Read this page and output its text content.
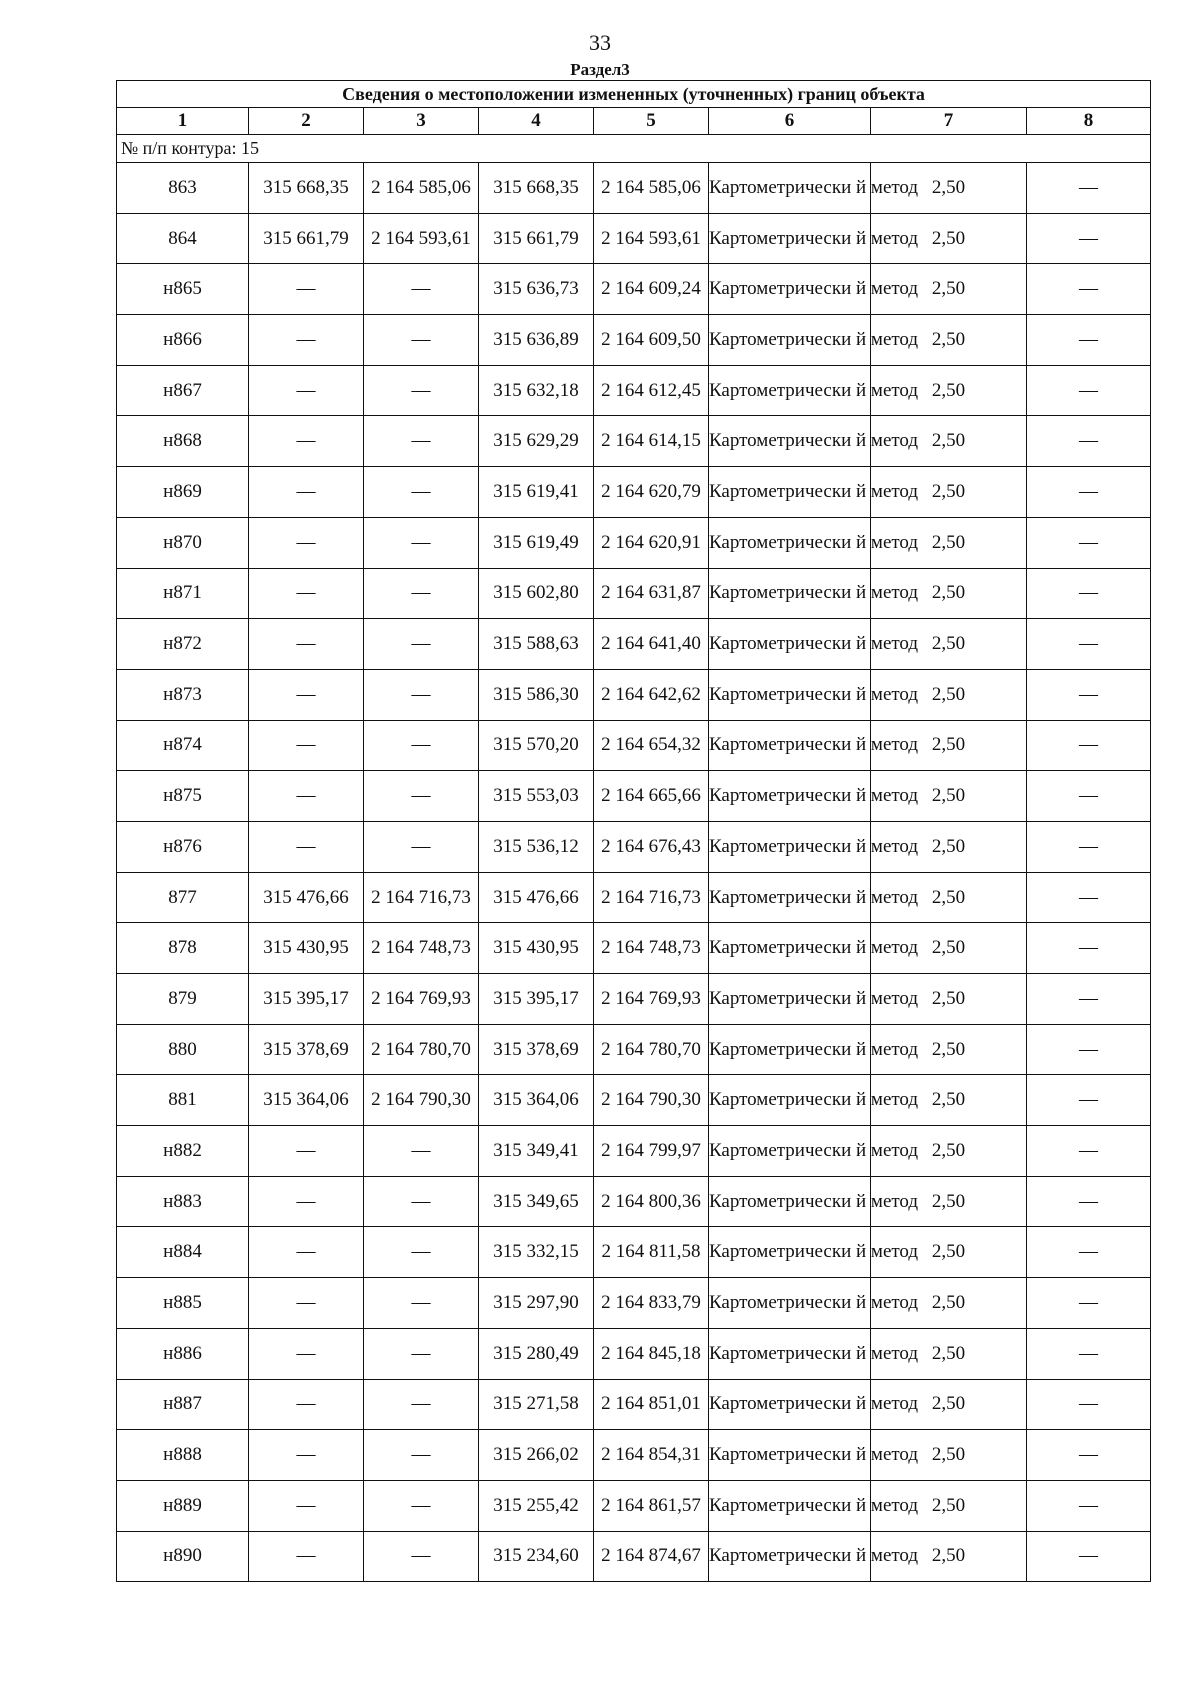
33
Раздел3
Сведения о местоположении измененных (уточненных) границ объекта							
1	2	3	4	5	6	7	8
№ п/п контура: 15							
863	315 668,35	2 164 585,06	315 668,35	2 164 585,06	Картометрически й метод	2,50	—
864	315 661,79	2 164 593,61	315 661,79	2 164 593,61	Картометрически й метод	2,50	—
н865	—	—	315 636,73	2 164 609,24	Картометрически й метод	2,50	—
н866	—	—	315 636,89	2 164 609,50	Картометрически й метод	2,50	—
н867	—	—	315 632,18	2 164 612,45	Картометрически й метод	2,50	—
н868	—	—	315 629,29	2 164 614,15	Картометрически й метод	2,50	—
н869	—	—	315 619,41	2 164 620,79	Картометрически й метод	2,50	—
н870	—	—	315 619,49	2 164 620,91	Картометрически й метод	2,50	—
н871	—	—	315 602,80	2 164 631,87	Картометрически й метод	2,50	—
н872	—	—	315 588,63	2 164 641,40	Картометрически й метод	2,50	—
н873	—	—	315 586,30	2 164 642,62	Картометрически й метод	2,50	—
н874	—	—	315 570,20	2 164 654,32	Картометрически й метод	2,50	—
н875	—	—	315 553,03	2 164 665,66	Картометрически й метод	2,50	—
н876	—	—	315 536,12	2 164 676,43	Картометрически й метод	2,50	—
877	315 476,66	2 164 716,73	315 476,66	2 164 716,73	Картометрически й метод	2,50	—
878	315 430,95	2 164 748,73	315 430,95	2 164 748,73	Картометрически й метод	2,50	—
879	315 395,17	2 164 769,93	315 395,17	2 164 769,93	Картометрически й метод	2,50	—
880	315 378,69	2 164 780,70	315 378,69	2 164 780,70	Картометрически й метод	2,50	—
881	315 364,06	2 164 790,30	315 364,06	2 164 790,30	Картометрически й метод	2,50	—
н882	—	—	315 349,41	2 164 799,97	Картометрически й метод	2,50	—
н883	—	—	315 349,65	2 164 800,36	Картометрически й метод	2,50	—
н884	—	—	315 332,15	2 164 811,58	Картометрически й метод	2,50	—
н885	—	—	315 297,90	2 164 833,79	Картометрически й метод	2,50	—
н886	—	—	315 280,49	2 164 845,18	Картометрически й метод	2,50	—
н887	—	—	315 271,58	2 164 851,01	Картометрически й метод	2,50	—
н888	—	—	315 266,02	2 164 854,31	Картометрически й метод	2,50	—
н889	—	—	315 255,42	2 164 861,57	Картометрически й метод	2,50	—
н890	—	—	315 234,60	2 164 874,67	Картометрически й метод	2,50	—
